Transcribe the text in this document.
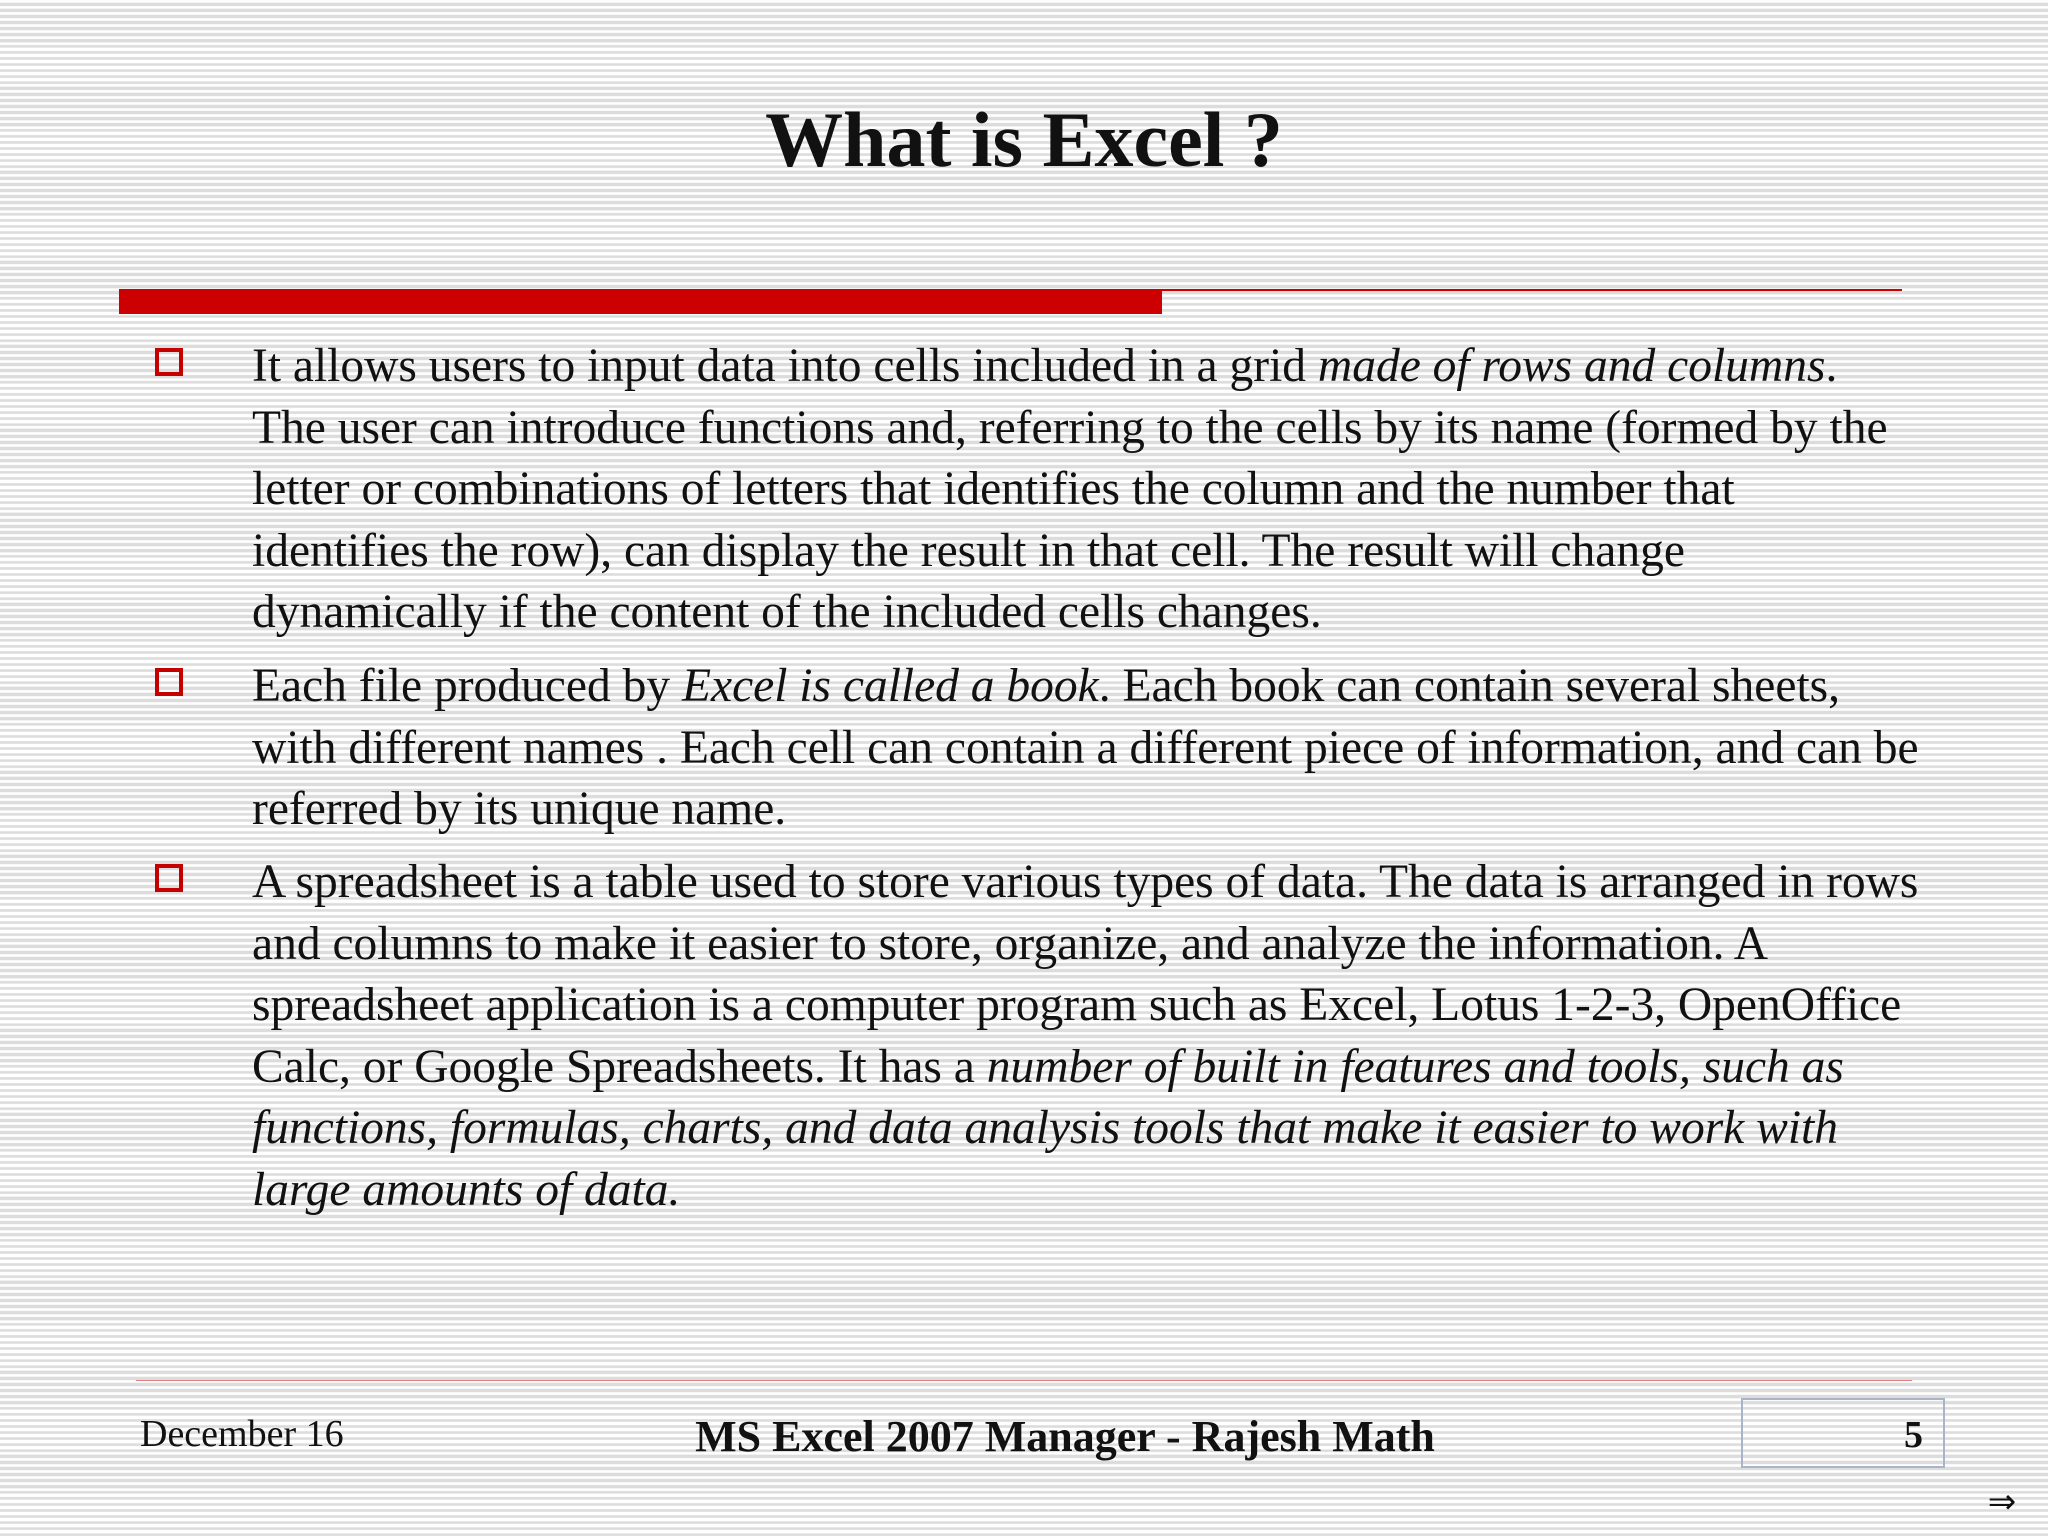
What is Excel ?
It allows users to input data into cells included in a grid made of rows and columns. The user can introduce functions and, referring to the cells by its name (formed by the letter or combinations of letters that identifies the column and the number that identifies the row), can display the result in that cell. The result will change dynamically if the content of the included cells changes.
Each file produced by Excel is called a book. Each book can contain several sheets, with different names . Each cell can contain a different piece of information, and can be referred by its unique name.
A spreadsheet is a table used to store various types of data. The data is arranged in rows and columns to make it easier to store, organize, and analyze the information. A spreadsheet application is a computer program such as Excel, Lotus 1-2-3, OpenOffice Calc, or Google Spreadsheets. It has a number of built in features and tools, such as functions, formulas, charts, and data analysis tools that make it easier to work with large amounts of data.
December 16	MS Excel 2007 Manager - Rajesh Math	5
⇒
